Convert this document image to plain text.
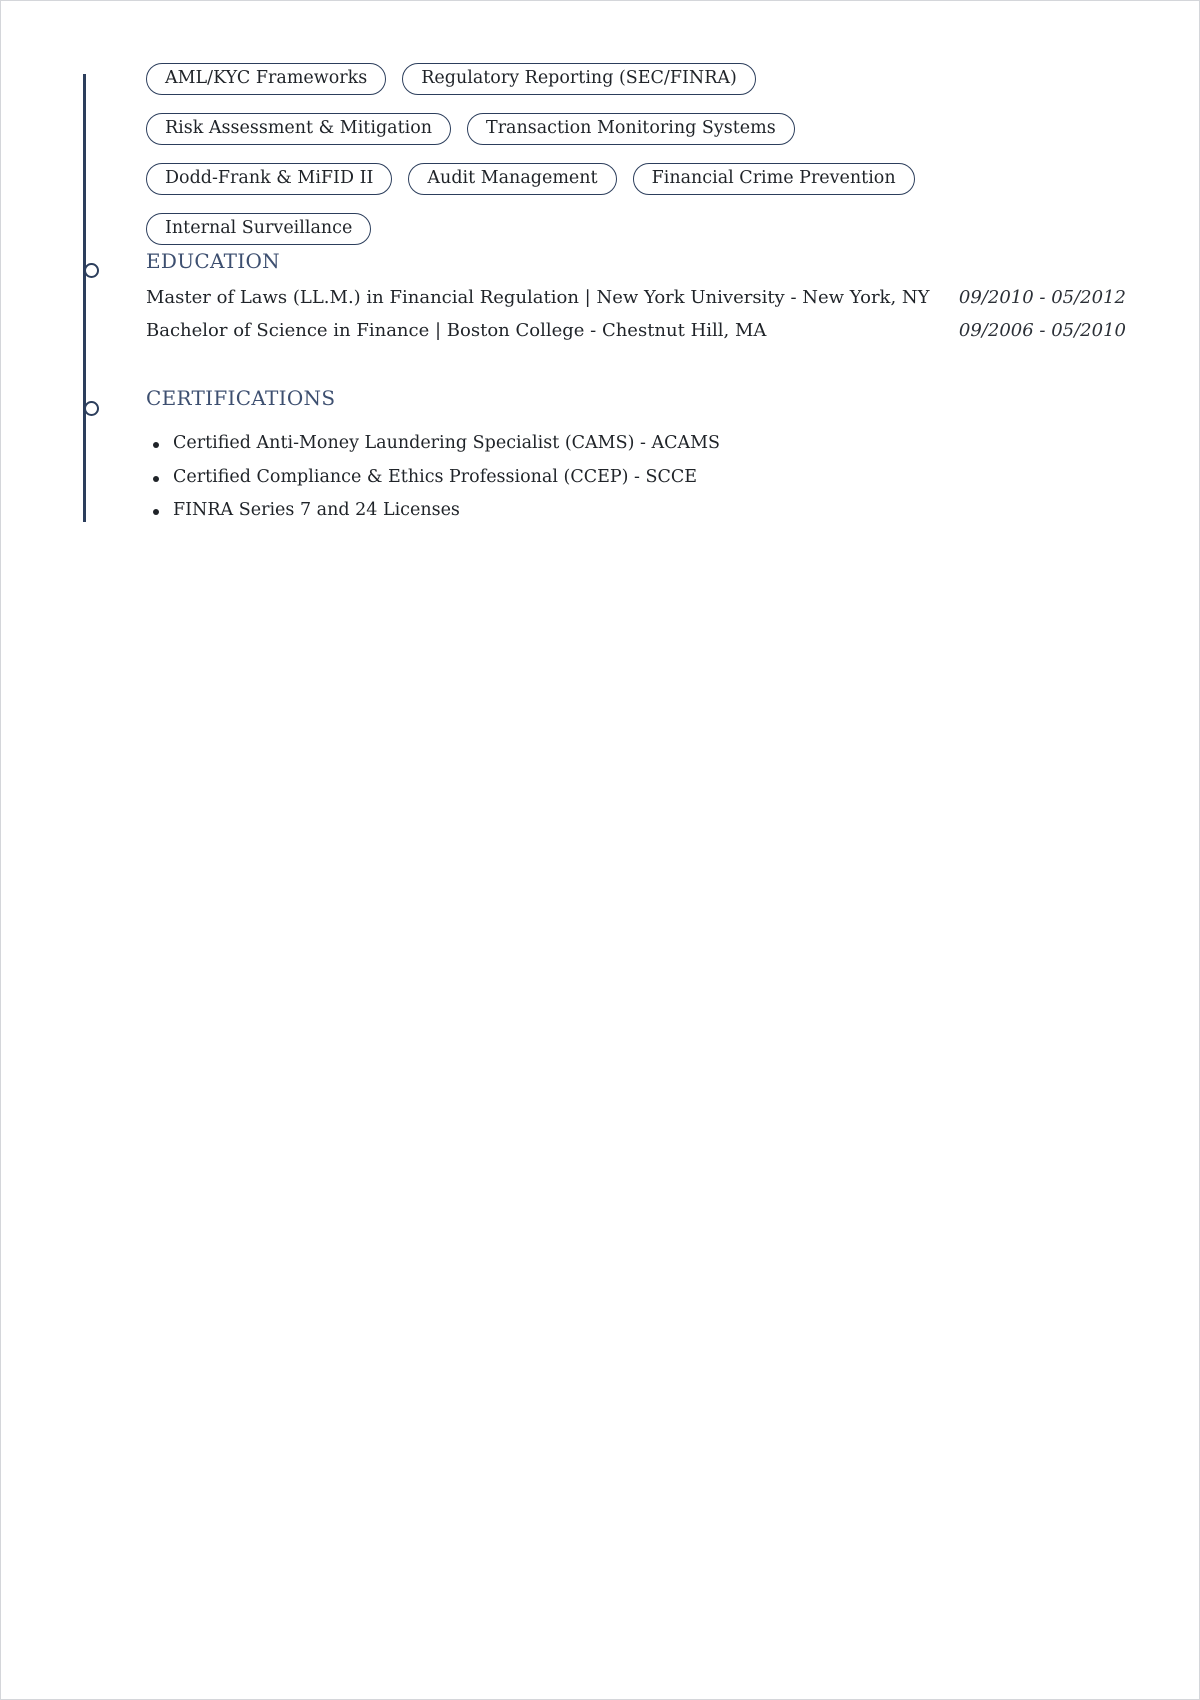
AML/KYC Frameworks	Regulatory Reporting (SEC/FINRA)
Risk Assessment & Mitigation	Transaction Monitoring Systems
Dodd-Frank & MiFID II	Audit Management	Financial Crime Prevention
Internal Surveillance
EDUCATION
Master of Laws (LL.M.) in Financial Regulation | New York University - New York, NY 09/2010 - 05/2012
Bachelor of Science in Finance | Boston College - Chestnut Hill, MA	09/2006 - 05/2010
CERTIFICATIONS
Certified Anti-Money Laundering Specialist (CAMS) - ACAMS
Certified Compliance & Ethics Professional (CCEP) - SCCE
FINRA Series 7 and 24 Licenses
